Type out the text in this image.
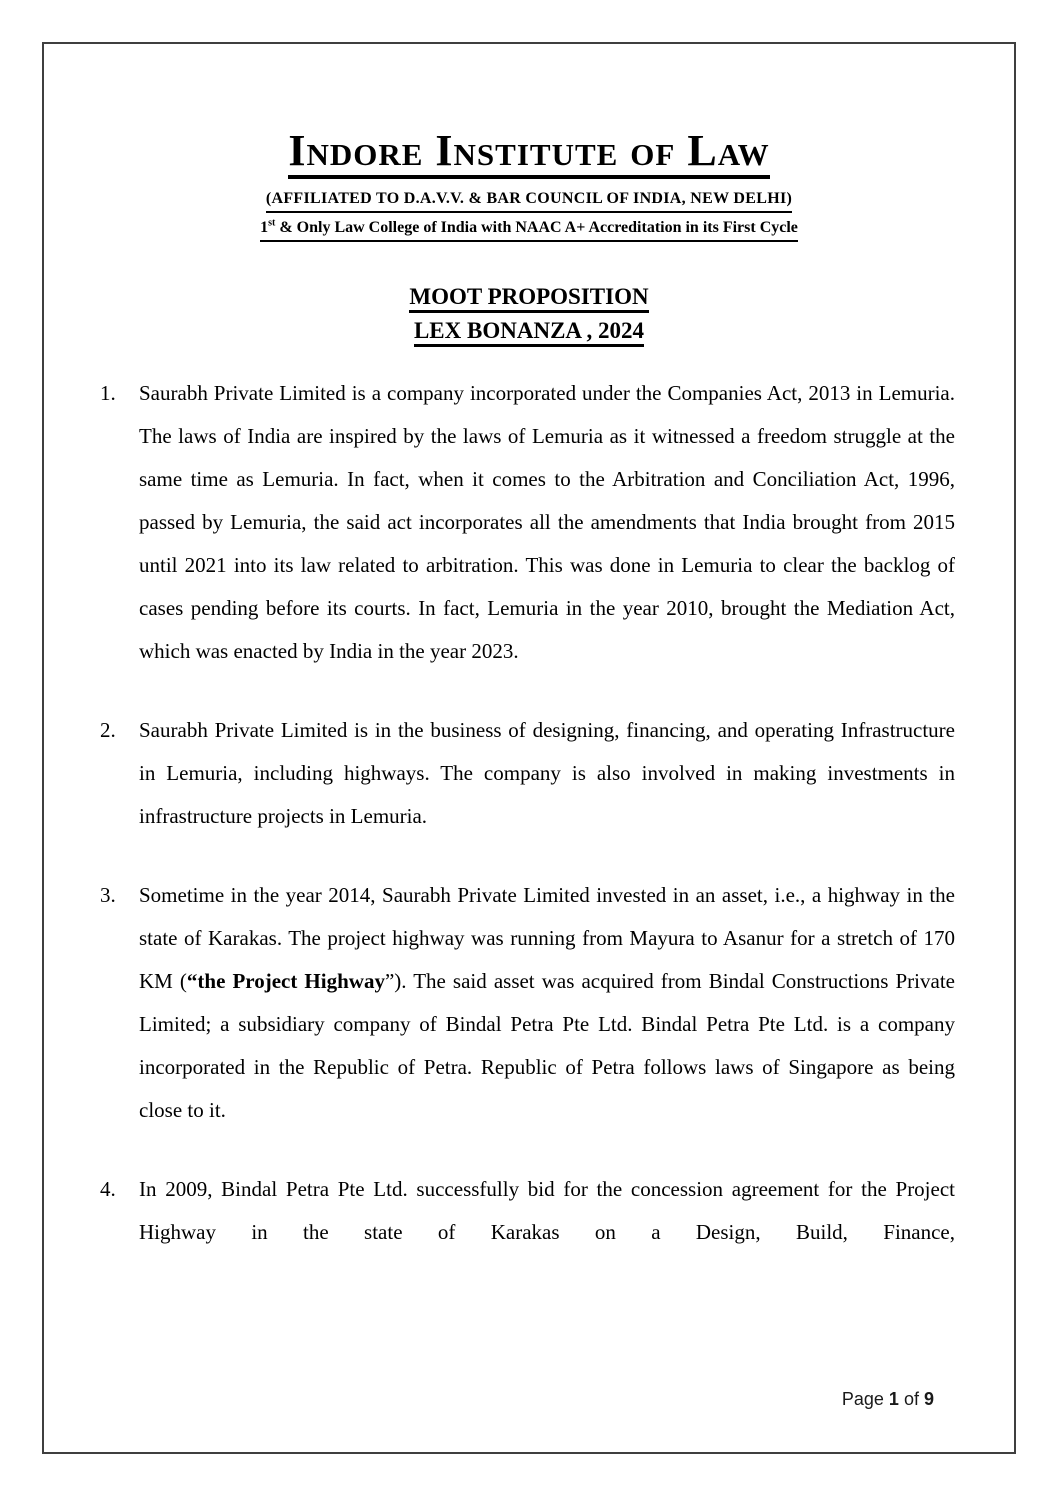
Indore Institute of Law
(AFFILIATED TO D.A.V.V. & BAR COUNCIL OF INDIA, NEW DELHI)
1st & Only Law College of India with NAAC A+ Accreditation in its First Cycle
MOOT PROPOSITION
LEX BONANZA , 2024
1. Saurabh Private Limited is a company incorporated under the Companies Act, 2013 in Lemuria. The laws of India are inspired by the laws of Lemuria as it witnessed a freedom struggle at the same time as Lemuria. In fact, when it comes to the Arbitration and Conciliation Act, 1996, passed by Lemuria, the said act incorporates all the amendments that India brought from 2015 until 2021 into its law related to arbitration. This was done in Lemuria to clear the backlog of cases pending before its courts. In fact, Lemuria in the year 2010, brought the Mediation Act, which was enacted by India in the year 2023.
2. Saurabh Private Limited is in the business of designing, financing, and operating Infrastructure in Lemuria, including highways. The company is also involved in making investments in infrastructure projects in Lemuria.
3. Sometime in the year 2014, Saurabh Private Limited invested in an asset, i.e., a highway in the state of Karakas. The project highway was running from Mayura to Asanur for a stretch of 170 KM (“the Project Highway”). The said asset was acquired from Bindal Constructions Private Limited; a subsidiary company of Bindal Petra Pte Ltd. Bindal Petra Pte Ltd. is a company incorporated in the Republic of Petra. Republic of Petra follows laws of Singapore as being close to it.
4. In 2009, Bindal Petra Pte Ltd. successfully bid for the concession agreement for the Project Highway in the state of Karakas on a Design, Build, Finance,
Page 1 of 9
